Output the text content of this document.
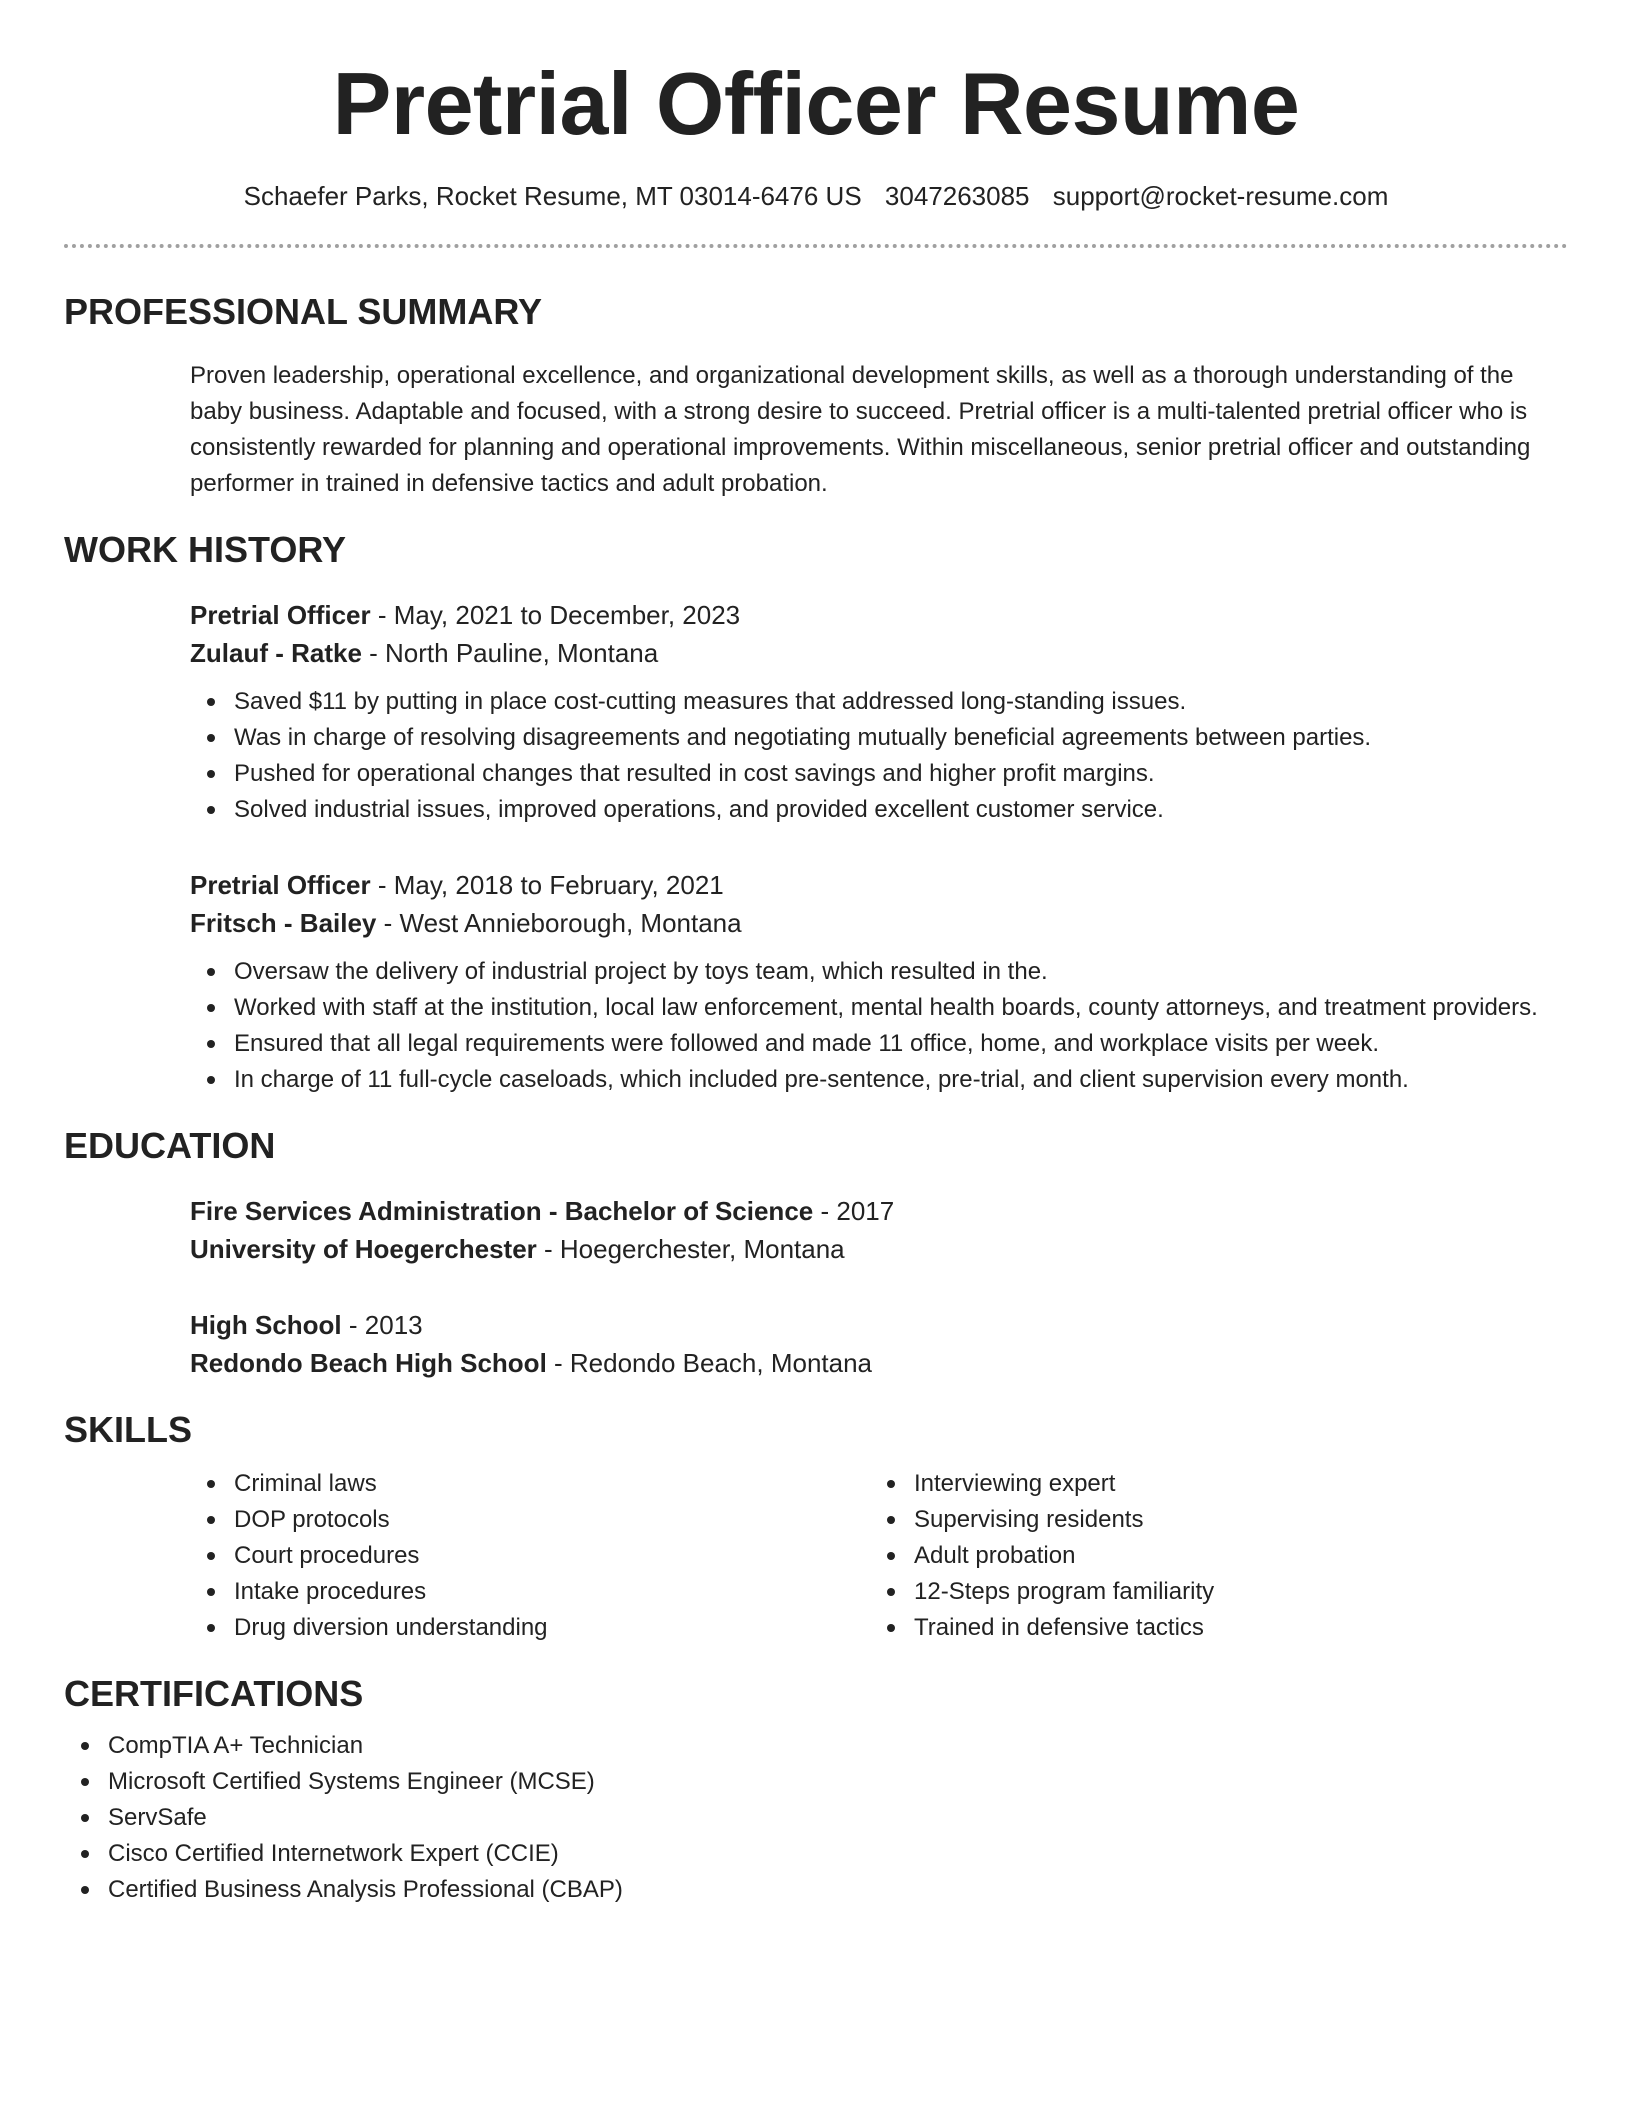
Pretrial Officer Resume
Schaefer Parks, Rocket Resume, MT 03014-6476 US 3047263085 support@rocket-resume.com
PROFESSIONAL SUMMARY

Proven leadership, operational excellence, and organizational development skills, as well as a thorough understanding of the baby business. Adaptable and focused, with a strong desire to succeed. Pretrial officer is a multi-talented pretrial officer who is consistently rewarded for planning and operational improvements. Within miscellaneous, senior pretrial officer and outstanding performer in trained in defensive tactics and adult probation.

WORK HISTORY
Pretrial Officer - May, 2021 to December, 2023
Zulauf - Ratke - North Pauline, Montana
Saved $11 by putting in place cost-cutting measures that addressed long-standing issues.
Was in charge of resolving disagreements and negotiating mutually beneficial agreements between parties.
Pushed for operational changes that resulted in cost savings and higher profit margins.
Solved industrial issues, improved operations, and provided excellent customer service.
Pretrial Officer - May, 2018 to February, 2021
Fritsch - Bailey - West Annieborough, Montana
Oversaw the delivery of industrial project by toys team, which resulted in the.
Worked with staff at the institution, local law enforcement, mental health boards, county attorneys, and treatment providers.
Ensured that all legal requirements were followed and made 11 office, home, and workplace visits per week.
In charge of 11 full-cycle caseloads, which included pre-sentence, pre-trial, and client supervision every month.
EDUCATION
Fire Services Administration - Bachelor of Science - 2017
University of Hoegerchester - Hoegerchester, Montana
High School - 2013
Redondo Beach High School - Redondo Beach, Montana
SKILLS
Criminal laws
DOP protocols
Court procedures
Intake procedures
Drug diversion understanding
Interviewing expert
Supervising residents
Adult probation
12-Steps program familiarity
Trained in defensive tactics
CERTIFICATIONS
CompTIA A+ Technician
Microsoft Certified Systems Engineer (MCSE)
ServSafe
Cisco Certified Internetwork Expert (CCIE)
Certified Business Analysis Professional (CBAP)
